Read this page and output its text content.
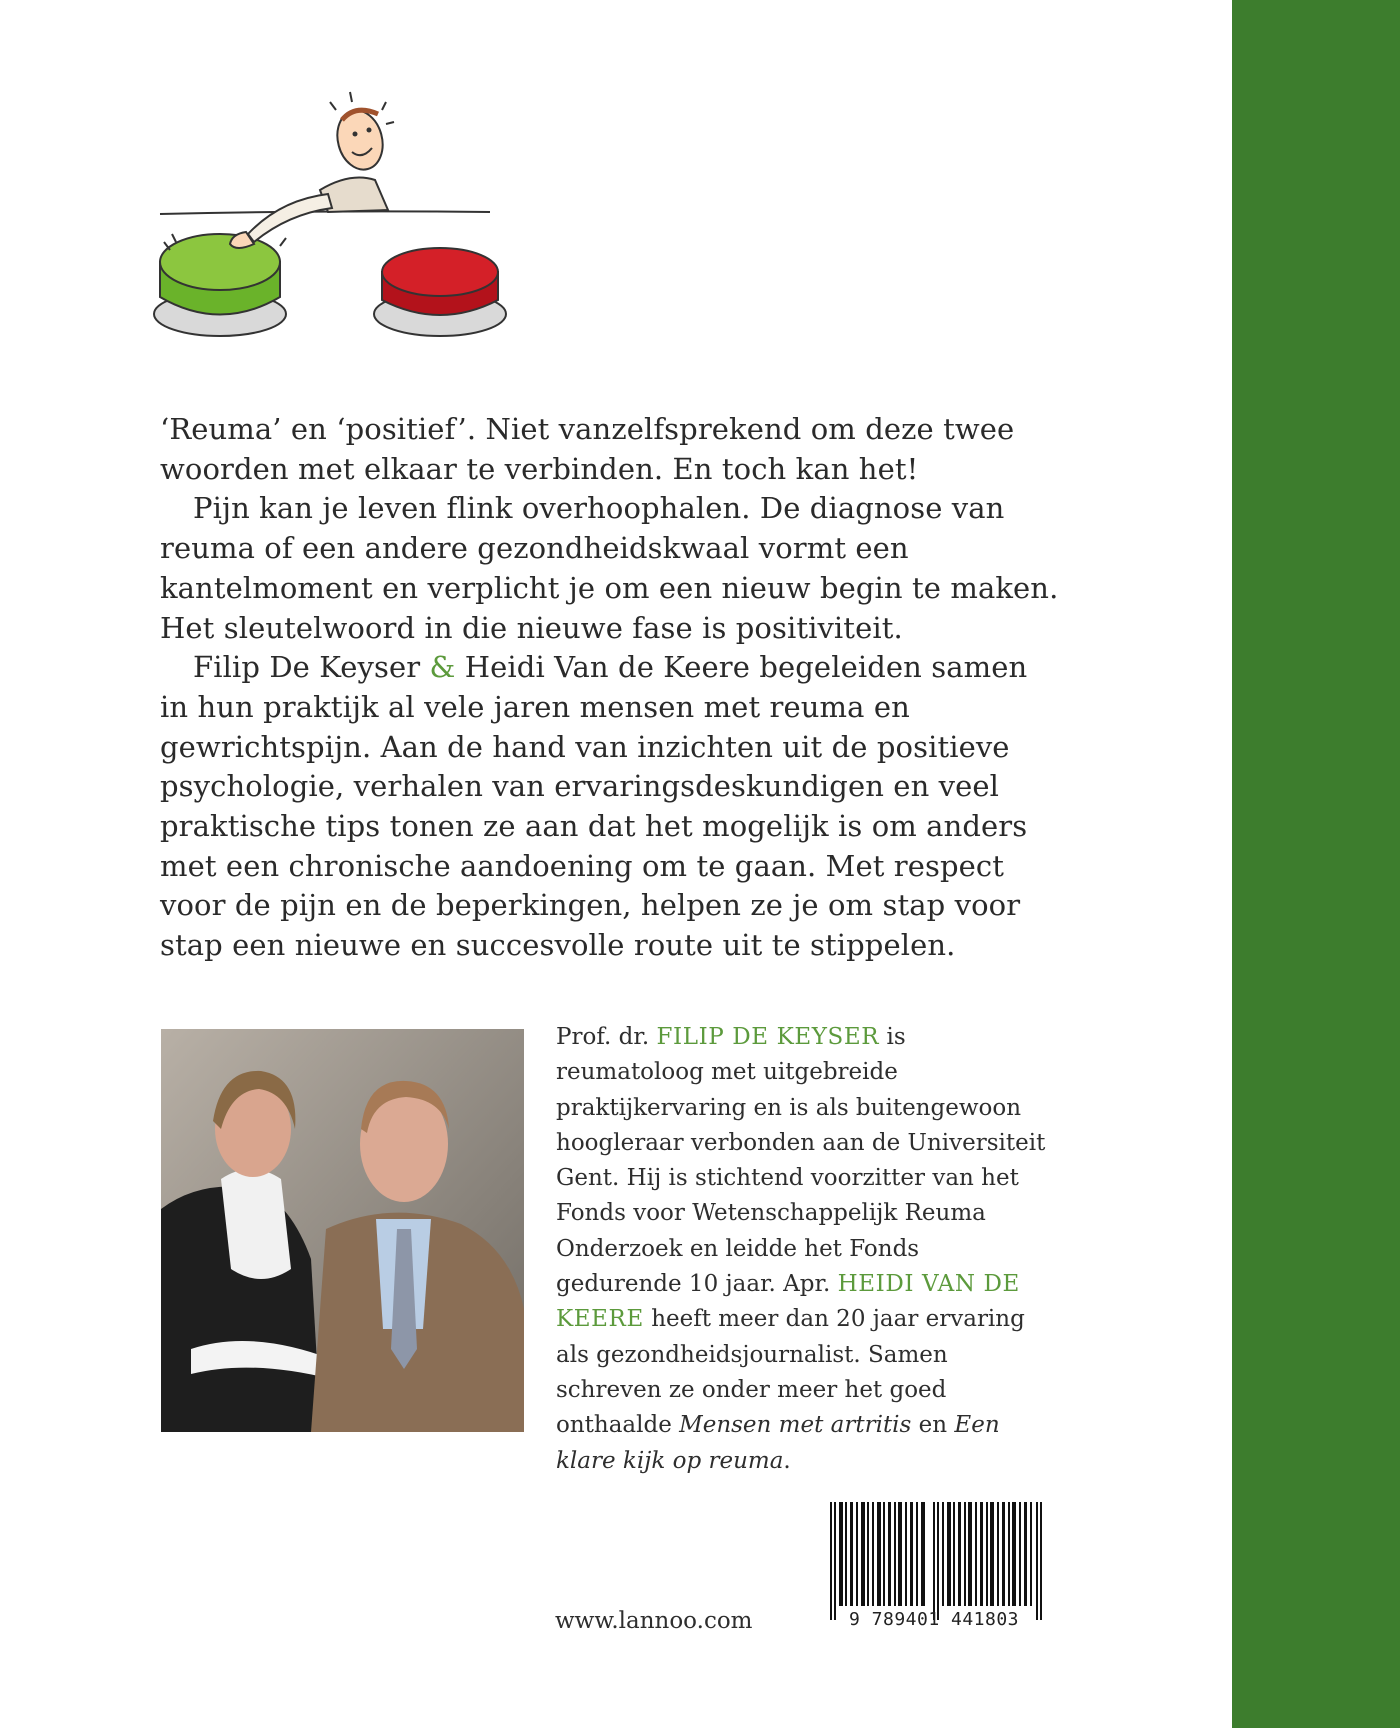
‘Reuma’ en ‘positief’. Niet vanzelfsprekend om deze twee woorden met elkaar te verbinden. En toch kan het!

Pijn kan je leven flink overhoophalen. De diagnose van reuma of een andere gezondheidskwaal vormt een kantelmoment en verplicht je om een nieuw begin te maken. Het sleutelwoord in die nieuwe fase is positiviteit.

Filip De Keyser & Heidi Van de Keere begeleiden samen in hun praktijk al vele jaren mensen met reuma en gewrichtspijn. Aan de hand van inzichten uit de positieve psychologie, verhalen van ervaringsdeskundigen en veel praktische tips tonen ze aan dat het mogelijk is om anders met een chronische aandoening om te gaan. Met respect voor de pijn en de beperkingen, helpen ze je om stap voor stap een nieuwe en succesvolle route uit te stippelen.

Prof. dr. FILIP DE KEYSER is reumatoloog met uitgebreide praktijkervaring en is als buitengewoon hoogleraar verbonden aan de Universiteit Gent. Hij is stichtend voorzitter van het Fonds voor Wetenschappelijk Reuma Onderzoek en leidde het Fonds gedurende 10 jaar. Apr. HEIDI VAN DE KEERE heeft meer dan 20 jaar ervaring als gezondheidsjournalist. Samen schreven ze onder meer het goed onthaalde Mensen met artritis en Een klare kijk op reuma.

9 789401 441803
www.lannoo.com
